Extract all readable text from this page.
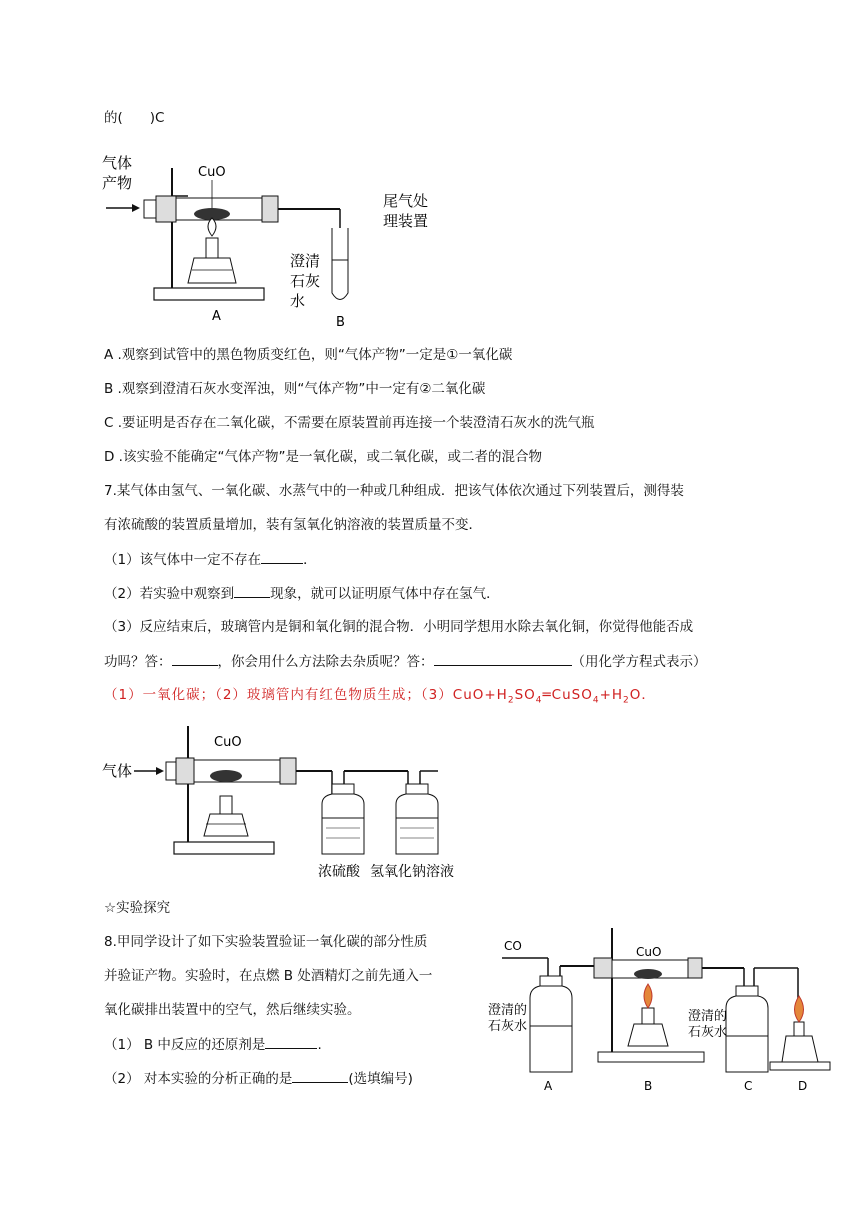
的(　　)C
气体
产物
CuO
尾气处
理装置
澄清
石灰
水
A	B
A .观察到试管中的黑色物质变红色，则“气体产物”一定是①一氧化碳
B .观察到澄清石灰水变浑浊，则“气体产物”中一定有②二氧化碳
C .要证明是否存在二氧化碳，不需要在原装置前再连接一个装澄清石灰水的洗气瓶
D .该实验不能确定“气体产物”是一氧化碳，或二氧化碳，或二者的混合物
7.某气体由氢气、一氧化碳、水蒸气中的一种或几种组成．把该气体依次通过下列装置后，测得装
有浓硫酸的装置质量增加，装有氢氧化钠溶液的装置质量不变．
（1）该气体中一定不存在	．
（2）若实验中观察到	现象，就可以证明原气体中存在氢气．
（3）反应结束后，玻璃管内是铜和氧化铜的混合物．小明同学想用水除去氧化铜，你觉得他能否成
功吗？答：	，你会用什么方法除去杂质呢？答：	（用化学方程式表示）
（1）一氧化碳；（2）玻璃管内有红色物质生成；$(3)CuO+H_2SO_4═CuSO_4+H_2O$．
气体
CuO
浓硫酸 氢氧化钠溶液
☆实验探究
8.甲同学设计了如下实验装置验证一氧化碳的部分性质
并验证产物。实验时，在点燃 B 处酒精灯之前先通入一
氧化碳排出装置中的空气，然后继续实验。
（1） B 中反应的还原剂是	.
（2） 对本实验的分析正确的是	(选填编号)
CO
澄清的
石灰水
CuO
澄清的
石灰水
A	B	C	D
